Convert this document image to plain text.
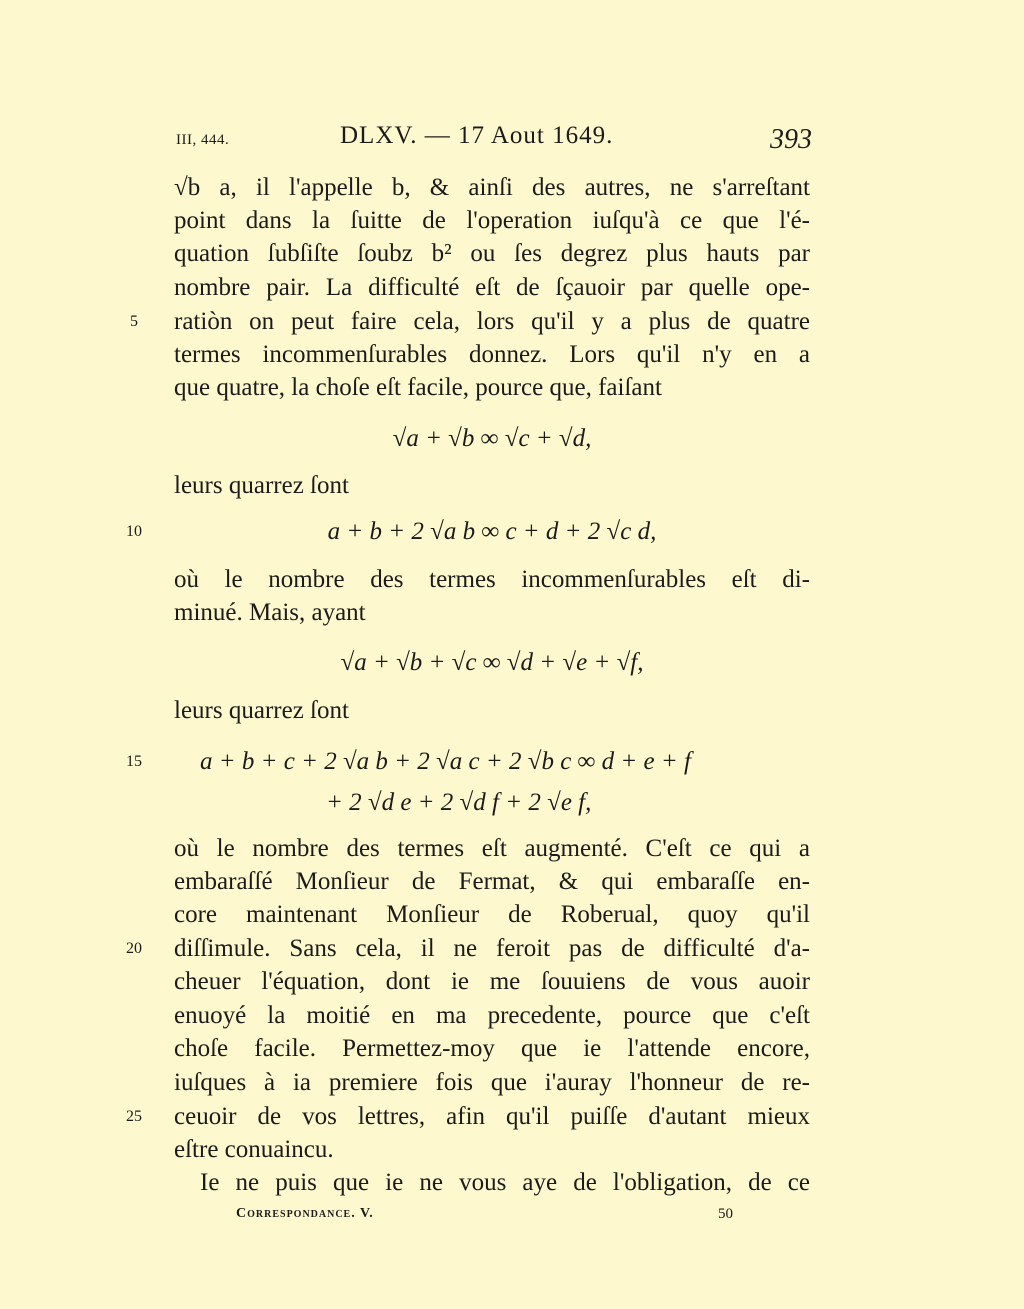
III, 444.	DLXV. — 17 Aout 1649.	393
√b a, il l'appelle b, & ainſi des autres, ne s'arreſtant
point dans la ſuitte de l'operation iuſqu'à ce que l'é-
quation ſubſiſte ſoubz b² ou ſes degrez plus hauts par
nombre pair. La difficulté eſt de ſçauoir par quelle ope-
5	ratiòn on peut faire cela, lors qu'il y a plus de quatre
termes incommenſurables donnez. Lors qu'il n'y en a
que quatre, la choſe eſt facile, pource que, faiſant
√a + √b ∞ √c + √d,
leurs quarrez ſont
10	a + b + 2 √a b ∞ c + d + 2 √c d,
où le nombre des termes incommenſurables eſt di-
minué. Mais, ayant
√a + √b + √c ∞ √d + √e + √f,
leurs quarrez ſont
15	a + b + c + 2 √a b + 2 √a c + 2 √b c ∞ d + e + f
+ 2 √d e + 2 √d f + 2 √e f,
où le nombre des termes eſt augmenté. C'eſt ce qui a
embaraſſé Monſieur de Fermat, & qui embaraſſe en-
core maintenant Monſieur de Roberual, quoy qu'il
20	diſſimule. Sans cela, il ne feroit pas de difficulté d'a-
cheuer l'équation, dont ie me ſouuiens de vous auoir
enuoyé la moitié en ma precedente, pource que c'eſt
choſe facile. Permettez-moy que ie l'attende encore,
iuſques à ia premiere fois que i'auray l'honneur de re-
25	ceuoir de vos lettres, afin qu'il puiſſe d'autant mieux
eſtre conuaincu.
Ie ne puis que ie ne vous aye de l'obligation, de ce
Correspondance. V.	50
